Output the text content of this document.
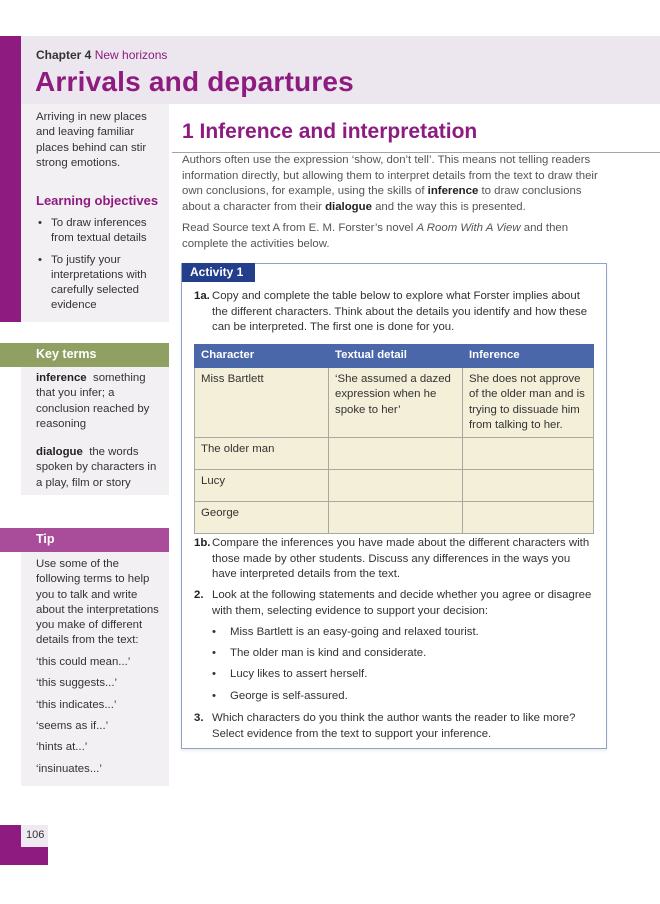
Chapter 4 New horizons
Arrivals and departures
Arriving in new places and leaving familiar places behind can stir strong emotions.
Learning objectives
• To draw inferences from textual details
• To justify your interpretations with carefully selected evidence
Key terms
inference something that you infer; a conclusion reached by reasoning
dialogue the words spoken by characters in a play, film or story
Tip
Use some of the following terms to help you to talk and write about the interpretations you make of different details from the text:
‘this could mean...’
‘this suggests...’
‘this indicates...’
‘seems as if...’
‘hints at...’
‘insinuates...’
106
1 Inference and interpretation
Authors often use the expression ‘show, don’t tell’. This means not telling readers information directly, but allowing them to interpret details from the text to draw their own conclusions, for example, using the skills of inference to draw conclusions about a character from their dialogue and the way this is presented.
Read Source text A from E. M. Forster’s novel A Room With A View and then complete the activities below.
Activity 1
1a. Copy and complete the table below to explore what Forster implies about the different characters. Think about the details you identify and how these can be interpreted. The first one is done for you.
Character	Textual detail	Inference
Miss Bartlett	‘She assumed a dazed expression when he spoke to her’	She does not approve of the older man and is trying to dissuade him from talking to her.
The older man		
Lucy		
George		
1b. Compare the inferences you have made about the different characters with those made by other students. Discuss any differences in the ways you have interpreted details from the text.
2. Look at the following statements and decide whether you agree or disagree with them, selecting evidence to support your decision:
• Miss Bartlett is an easy-going and relaxed tourist.
• The older man is kind and considerate.
• Lucy likes to assert herself.
• George is self-assured.
3. Which characters do you think the author wants the reader to like more? Select evidence from the text to support your inference.
